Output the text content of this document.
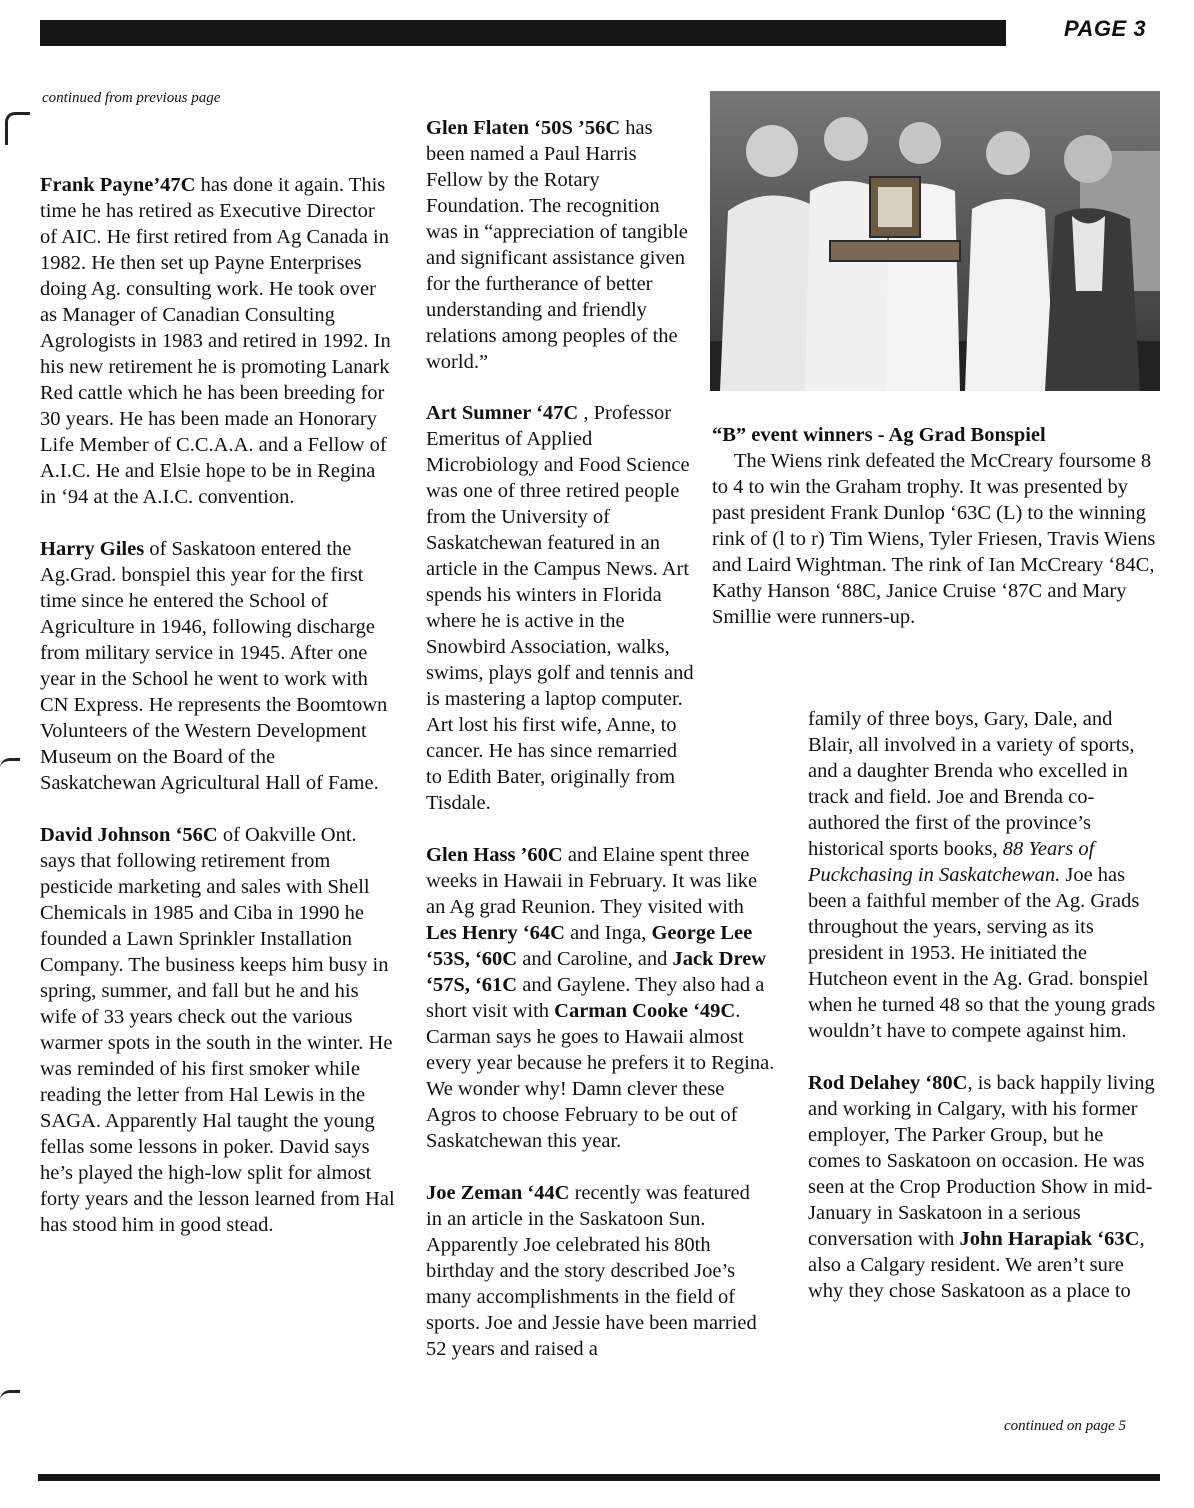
PAGE 3
continued from previous page

Frank Payne’47C has done it again. This time he has retired as Executive Director of AIC. He first retired from Ag Canada in 1982. He then set up Payne Enterprises doing Ag. consulting work. He took over as Manager of Canadian Consulting Agrologists in 1983 and retired in 1992. In his new retirement he is promoting Lanark Red cattle which he has been breeding for 30 years. He has been made an Honorary Life Member of C.C.A.A. and a Fellow of A.I.C. He and Elsie hope to be in Regina in ‘94 at the A.I.C. convention.

Harry Giles of Saskatoon entered the Ag.Grad. bonspiel this year for the first time since he entered the School of Agriculture in 1946, following discharge from military service in 1945. After one year in the School he went to work with CN Express. He represents the Boomtown Volunteers of the Western Development Museum on the Board of the Saskatchewan Agricultural Hall of Fame.

David Johnson ‘56C of Oakville Ont. says that following retirement from pesticide marketing and sales with Shell Chemicals in 1985 and Ciba in 1990 he founded a Lawn Sprinkler Installation Company. The business keeps him busy in spring, summer, and fall but he and his wife of 33 years check out the various warmer spots in the south in the winter. He was reminded of his first smoker while reading the letter from Hal Lewis in the SAGA. Apparently Hal taught the young fellas some lessons in poker. David says he’s played the high-low split for almost forty years and the lesson learned from Hal has stood him in good stead.

Glen Flaten ‘50S ’56C has been named a Paul Harris Fellow by the Rotary Foundation. The recognition was in “appreciation of tangible and significant assistance given for the furtherance of better understanding and friendly relations among peoples of the world.”

Art Sumner ‘47C , Professor Emeritus of Applied Microbiology and Food Science was one of three retired people from the University of Saskatchewan featured in an article in the Campus News. Art spends his winters in Florida where he is active in the Snowbird Association, walks, swims, plays golf and tennis and is mastering a laptop computer. Art lost his first wife, Anne, to cancer. He has since remarried to Edith Bater, originally from Tisdale.

Glen Hass ’60C and Elaine spent three weeks in Hawaii in February. It was like an Ag grad Reunion. They visited with Les Henry ‘64C and Inga, George Lee ‘53S, ‘60C and Caroline, and Jack Drew ‘57S, ‘61C and Gaylene. They also had a short visit with Carman Cooke ‘49C. Carman says he goes to Hawaii almost every year because he prefers it to Regina. We wonder why! Damn clever these Agros to choose February to be out of Saskatchewan this year.

Joe Zeman ‘44C recently was featured in an article in the Saskatoon Sun. Apparently Joe celebrated his 80th birthday and the story described Joe’s many accomplishments in the field of sports. Joe and Jessie have been married 52 years and raised a

“B” event winners - Ag Grad Bonspiel

The Wiens rink defeated the McCreary foursome 8 to 4 to win the Graham trophy. It was presented by past president Frank Dunlop ‘63C (L) to the winning rink of (l to r) Tim Wiens, Tyler Friesen, Travis Wiens and Laird Wightman. The rink of Ian McCreary ‘84C, Kathy Hanson ‘88C, Janice Cruise ‘87C and Mary Smillie were runners-up.

family of three boys, Gary, Dale, and Blair, all involved in a variety of sports, and a daughter Brenda who excelled in track and field. Joe and Brenda co-authored the first of the province’s historical sports books, 88 Years of Puckchasing in Saskatchewan. Joe has been a faithful member of the Ag. Grads throughout the years, serving as its president in 1953. He initiated the Hutcheon event in the Ag. Grad. bonspiel when he turned 48 so that the young grads wouldn’t have to compete against him.

Rod Delahey ‘80C, is back happily living and working in Calgary, with his former employer, The Parker Group, but he comes to Saskatoon on occasion. He was seen at the Crop Production Show in mid-January in Saskatoon in a serious conversation with John Harapiak ‘63C, also a Calgary resident. We aren’t sure why they chose Saskatoon as a place to

continued on page 5
